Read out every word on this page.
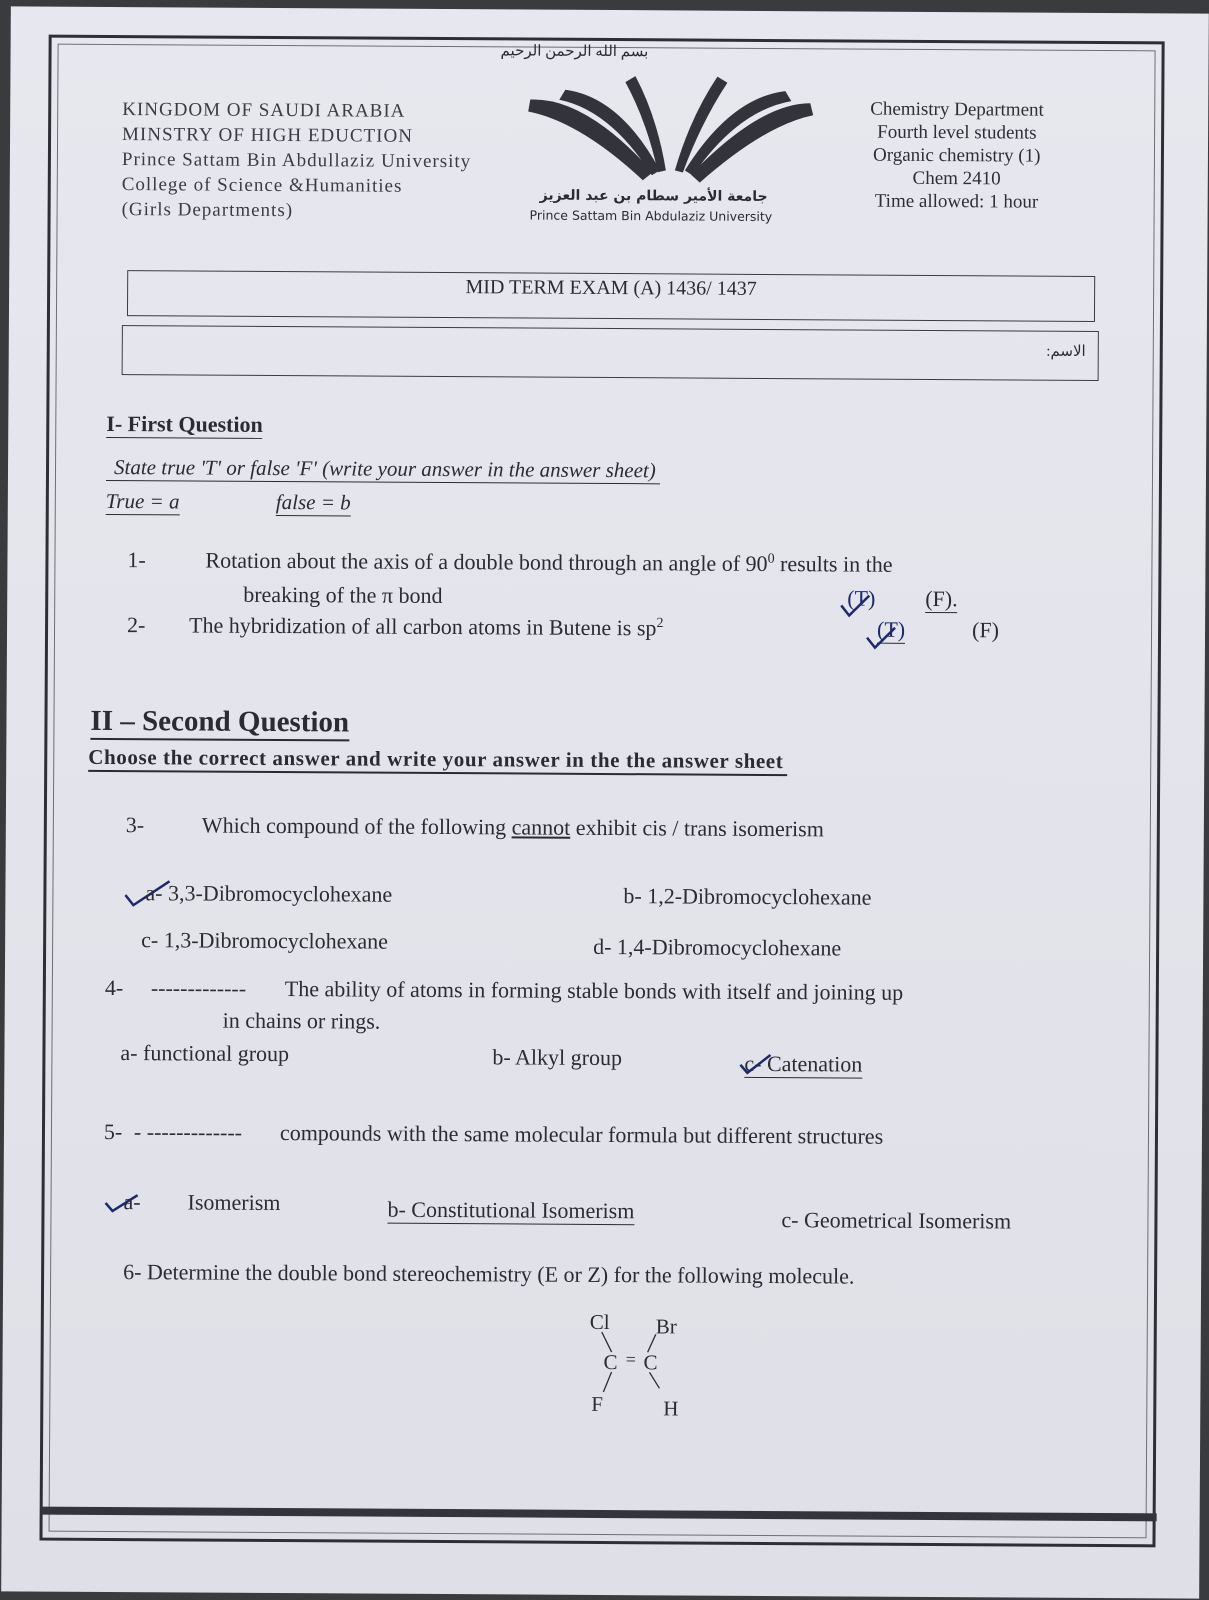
بسم الله الرحمن الرحيم
KINGDOM OF SAUDI ARABIA
MINSTRY OF HIGH EDUCTION
Prince Sattam Bin Abdullaziz University
College of Science &Humanities
(Girls Departments)
جامعة الأمير سطام بن عبد العزيز
Prince Sattam Bin Abdulaziz University
Chemistry Department
Fourth level students
Organic chemistry (1)
Chem 2410
Time allowed: 1 hour
MID TERM EXAM (A) 1436/ 1437
الاسم:
I- First Question
State true 'T' or false 'F' (write your answer in the answer sheet)
True = a	false = b
1-	Rotation about the axis of a double bond through an angle of $90^0$ results in the
breaking of the π bond	(T) (F).
2- The hybridization of all carbon atoms in Butene is $sp^2$	(T)	(F)
II – Second Question
Choose the correct answer and write your answer in the the answer sheet
3-	Which compound of the following cannot exhibit cis / trans isomerism
a- 3,3-Dibromocyclohexane	b- 1,2-Dibromocyclohexane
c- 1,3-Dibromocyclohexane	d- 1,4-Dibromocyclohexane
4- ------------- The ability of atoms in forming stable bonds with itself and joining up
in chains or rings.
a- functional group	b- Alkyl group	c- Catenation
5- - ------------- compounds with the same molecular formula but different structures
a- Isomerism	b- Constitutional Isomerism	c- Geometrical Isomerism
6- Determine the double bond stereochemistry (E or Z) for the following molecule.
Cl Br
C = C
F	H
